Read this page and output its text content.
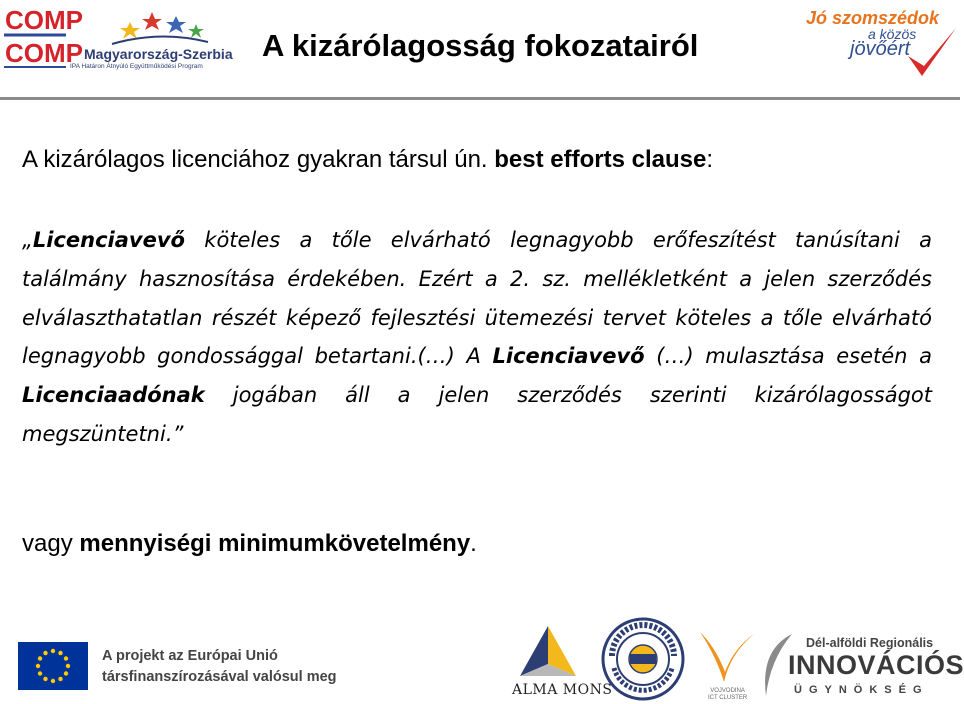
COMP
COMP Magyarország-Szerbia
IPA Határon Átnyúló Együttműködési Program
A kizárólagosság fokozatairól
Jó szomszédok
a közös
jövőért
A kizárólagos licenciához gyakran társul ún. best efforts clause:
„Licenciavevő köteles a tőle elvárható legnagyobb erőfeszítést tanúsítani a találmány hasznosítása érdekében. Ezért a 2. sz. mellékletként a jelen szerződés elválaszthatatlan részét képező fejlesztési ütemezési tervet köteles a tőle elvárható legnagyobb gondossággal betartani.(…) A Licenciavevő (…) mulasztása esetén a Licenciaadónak jogában áll a jelen szerződés szerinti kizárólagosságot megszüntetni.”
vagy mennyiségi minimumkövetelmény.
A projekt az Európai Unió
társfinanszírozásával valósul meg
ALMA MONS	VOJVODINA
ICT CLUSTER
Dél-alföldi Regionális
INNOVÁCIÓS
ÜGYNÖKSÉG
